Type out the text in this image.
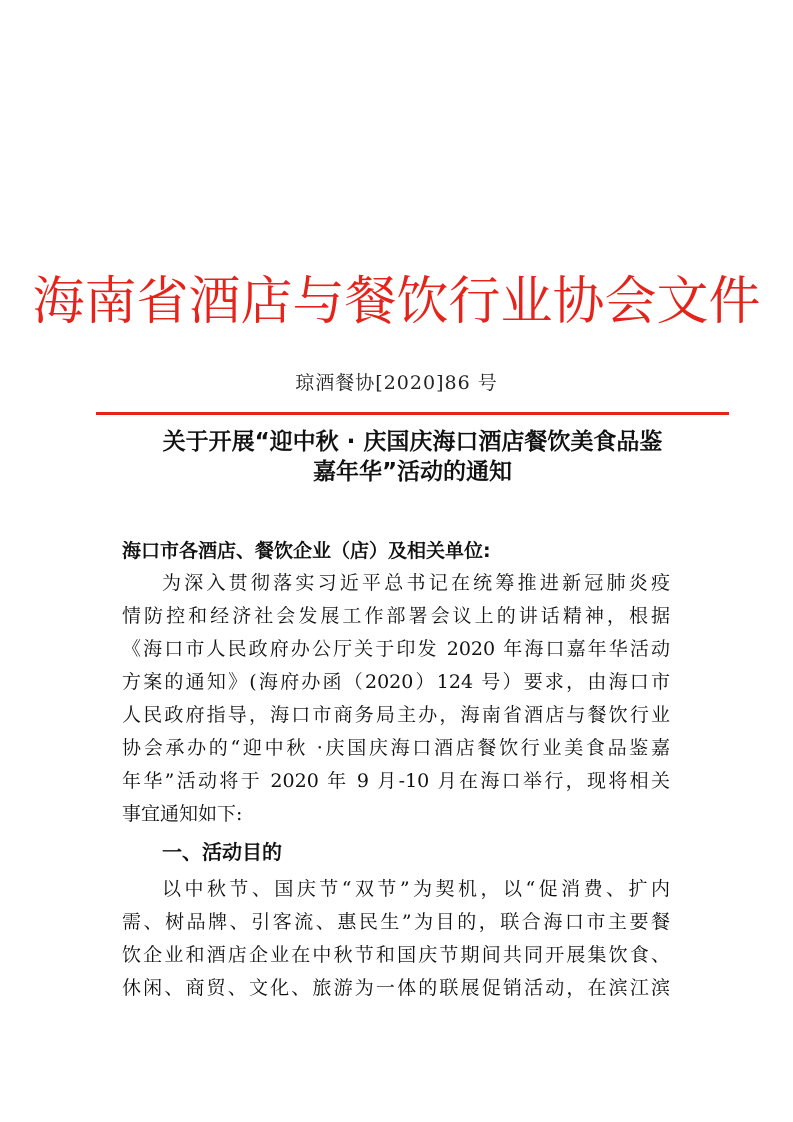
海南省酒店与餐饮行业协会文件
琼酒餐协[2020]86 号
关于开展“迎中秋 · 庆国庆海口酒店餐饮美食品鉴
嘉年华”活动的通知
海口市各酒店、餐饮企业（店）及相关单位:
为深入贯彻落实习近平总书记在统筹推进新冠肺炎疫
情防控和经济社会发展工作部署会议上的讲话精神，根据
《海口市人民政府办公厅关于印发 2020 年海口嘉年华活动
方案的通知》(海府办函（2020）124 号）要求，由海口市
人民政府指导，海口市商务局主办，海南省酒店与餐饮行业
协会承办的“迎中秋 ·庆国庆海口酒店餐饮行业美食品鉴嘉
年华”活动将于 2020 年 9 月-10 月在海口举行，现将相关
事宜通知如下:
一、活动目的
以中秋节、国庆节“双节”为契机，以“促消费、扩内
需、树品牌、引客流、惠民生”为目的，联合海口市主要餐
饮企业和酒店企业在中秋节和国庆节期间共同开展集饮食、
休闲、商贸、文化、旅游为一体的联展促销活动，在滨江滨
